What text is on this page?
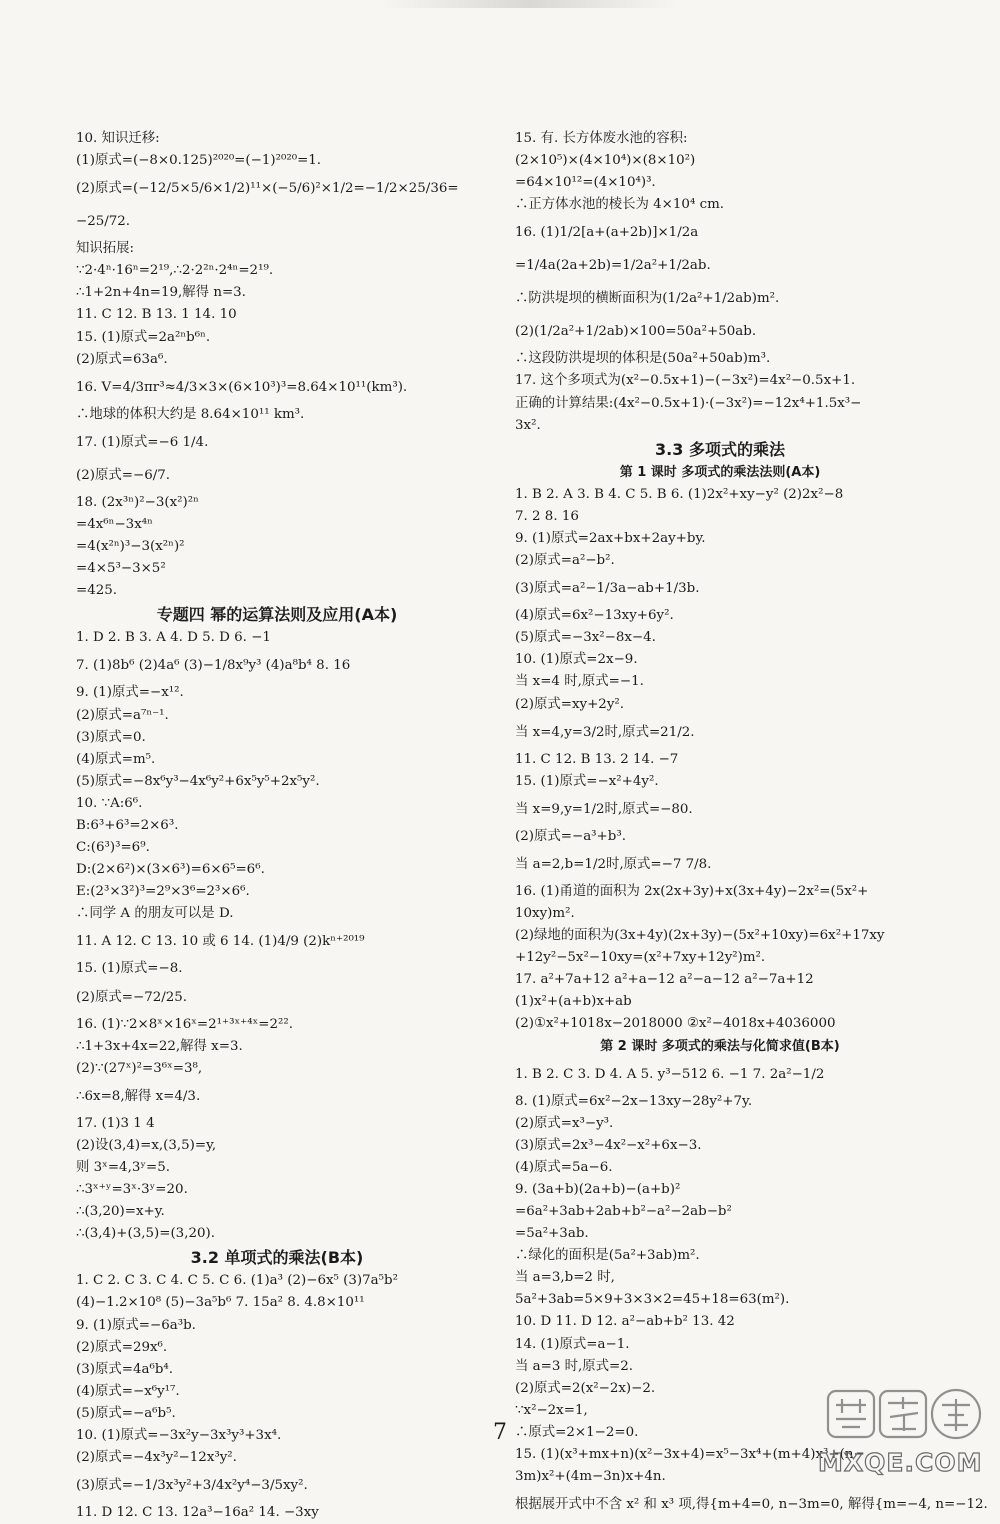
10. 知识迁移:
(1)原式=(−8×0.125)²⁰²⁰=(−1)²⁰²⁰=1.
(2)原式=(−12/5×5/6×1/2)¹¹×(−5/6)²×1/2=−1/2×25/36=
−25/72.
知识拓展:
∵2·4ⁿ·16ⁿ=2¹⁹,∴2·2²ⁿ·2⁴ⁿ=2¹⁹.
∴1+2n+4n=19,解得 n=3.
11. C 12. B 13. 1 14. 10
15. (1)原式=2a²ⁿb⁶ⁿ.
(2)原式=63a⁶.
16. V=4/3πr³≈4/3×3×(6×10³)³=8.64×10¹¹(km³).
∴地球的体积大约是 8.64×10¹¹ km³.
17. (1)原式=−6 1/4.
(2)原式=−6/7.
18. (2x³ⁿ)²−3(x²)²ⁿ
=4x⁶ⁿ−3x⁴ⁿ
=4(x²ⁿ)³−3(x²ⁿ)²
=4×5³−3×5²
=425.
专题四 幂的运算法则及应用(A本)
1. D 2. B 3. A 4. D 5. D 6. −1
7. (1)8b⁶ (2)4a⁶ (3)−1/8x⁹y³ (4)a⁸b⁴ 8. 16
9. (1)原式=−x¹².
(2)原式=a⁷ⁿ⁻¹.
(3)原式=0.
(4)原式=m⁵.
(5)原式=−8x⁶y³−4x⁶y²+6x⁵y⁵+2x⁵y².
10. ∵A:6⁶.
B:6³+6³=2×6³.
C:(6³)³=6⁹.
D:(2×6²)×(3×6³)=6×6⁵=6⁶.
E:(2³×3²)³=2⁹×3⁶=2³×6⁶.
∴同学 A 的朋友可以是 D.
11. A 12. C 13. 10 或 6 14. (1)4/9 (2)kⁿ⁺²⁰¹⁹
15. (1)原式=−8.
(2)原式=−72/25.
16. (1)∵2×8ˣ×16ˣ=2¹⁺³ˣ⁺⁴ˣ=2²².
∴1+3x+4x=22,解得 x=3.
(2)∵(27ˣ)²=3⁶ˣ=3⁸,
∴6x=8,解得 x=4/3.
17. (1)3 1 4
(2)设(3,4)=x,(3,5)=y,
则 3ˣ=4,3ʸ=5.
∴3ˣ⁺ʸ=3ˣ·3ʸ=20.
∴(3,20)=x+y.
∴(3,4)+(3,5)=(3,20).
3.2 单项式的乘法(B本)
1. C 2. C 3. C 4. C 5. C 6. (1)a³ (2)−6x⁵ (3)7a⁵b²
(4)−1.2×10⁸ (5)−3a⁵b⁶ 7. 15a² 8. 4.8×10¹¹
9. (1)原式=−6a³b.
(2)原式=29x⁶.
(3)原式=4a⁶b⁴.
(4)原式=−x⁶y¹⁷.
(5)原式=−a⁶b⁵.
10. (1)原式=−3x²y−3x³y³+3x⁴.
(2)原式=−4x³y²−12x³y².
(3)原式=−1/3x³y²+3/4x²y⁴−3/5xy².
11. D 12. C 13. 12a³−16a² 14. −3xy
15. 有. 长方体废水池的容积:
(2×10⁵)×(4×10⁴)×(8×10²)
=64×10¹²=(4×10⁴)³.
∴正方体水池的棱长为 4×10⁴ cm.
16. (1)1/2[a+(a+2b)]×1/2a
=1/4a(2a+2b)=1/2a²+1/2ab.
∴防洪堤坝的横断面积为(1/2a²+1/2ab)m².
(2)(1/2a²+1/2ab)×100=50a²+50ab.
∴这段防洪堤坝的体积是(50a²+50ab)m³.
17. 这个多项式为(x²−0.5x+1)−(−3x²)=4x²−0.5x+1.
正确的计算结果:(4x²−0.5x+1)·(−3x²)=−12x⁴+1.5x³−
3x².
3.3 多项式的乘法
第 1 课时 多项式的乘法法则(A本)
1. B 2. A 3. B 4. C 5. B 6. (1)2x²+xy−y² (2)2x²−8
7. 2 8. 16
9. (1)原式=2ax+bx+2ay+by.
(2)原式=a²−b².
(3)原式=a²−1/3a−ab+1/3b.
(4)原式=6x²−13xy+6y².
(5)原式=−3x²−8x−4.
10. (1)原式=2x−9.
当 x=4 时,原式=−1.
(2)原式=xy+2y².
当 x=4,y=3/2时,原式=21/2.
11. C 12. B 13. 2 14. −7
15. (1)原式=−x²+4y².
当 x=9,y=1/2时,原式=−80.
(2)原式=−a³+b³.
当 a=2,b=1/2时,原式=−7 7/8.
16. (1)甬道的面积为 2x(2x+3y)+x(3x+4y)−2x²=(5x²+
10xy)m².
(2)绿地的面积为(3x+4y)(2x+3y)−(5x²+10xy)=6x²+17xy
+12y²−5x²−10xy=(x²+7xy+12y²)m².
17. a²+7a+12 a²+a−12 a²−a−12 a²−7a+12
(1)x²+(a+b)x+ab
(2)①x²+1018x−2018000 ②x²−4018x+4036000
第 2 课时 多项式的乘法与化简求值(B本)
1. B 2. C 3. D 4. A 5. y³−512 6. −1 7. 2a²−1/2
8. (1)原式=6x²−2x−13xy−28y²+7y.
(2)原式=x³−y³.
(3)原式=2x³−4x²−x²+6x−3.
(4)原式=5a−6.
9. (3a+b)(2a+b)−(a+b)²
=6a²+3ab+2ab+b²−a²−2ab−b²
=5a²+3ab.
∴绿化的面积是(5a²+3ab)m².
当 a=3,b=2 时,
5a²+3ab=5×9+3×3×2=45+18=63(m²).
10. D 11. D 12. a²−ab+b² 13. 42
14. (1)原式=a−1.
当 a=3 时,原式=2.
(2)原式=2(x²−2x)−2.
∵x²−2x=1,
∴原式=2×1−2=0.
15. (1)(x³+mx+n)(x²−3x+4)=x⁵−3x⁴+(m+4)x³+(n−
3m)x²+(4m−3n)x+4n.
根据展开式中不含 x² 和 x³ 项,得{m+4=0, n−3m=0, 解得{m=−4, n=−12.
7
MXQE.COM
